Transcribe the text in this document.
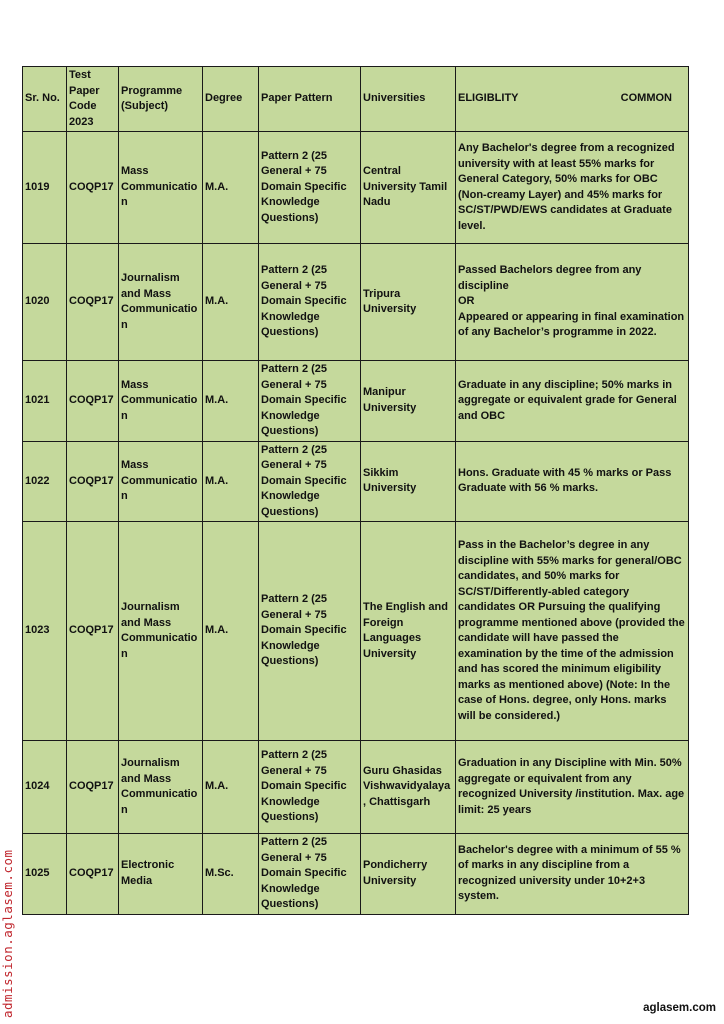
Sr. No.	Test Paper Code 2023	Programme (Subject)	Degree	Paper Pattern	Universities	ELIGIBLITY COMMON

1019	COQP17	Mass Communication	M.A.	Pattern 2 (25 General + 75 Domain Specific Knowledge Questions)	Central University Tamil Nadu	Any Bachelor's degree from a recognized university with at least 55% marks for General Category, 50% marks for OBC (Non-creamy Layer) and 45% marks for SC/ST/PWD/EWS candidates at Graduate level.
1020	COQP17	Journalism and Mass Communication	M.A.	Pattern 2 (25 General + 75 Domain Specific Knowledge Questions)	Tripura University	Passed Bachelors degree from any discipline
OR
Appeared or appearing in final examination of any Bachelor’s programme in 2022.
1021	COQP17	Mass Communication	M.A.	Pattern 2 (25 General + 75 Domain Specific Knowledge Questions)	Manipur University	Graduate in any discipline; 50% marks in aggregate or equivalent grade for General and OBC
1022	COQP17	Mass Communication	M.A.	Pattern 2 (25 General + 75 Domain Specific Knowledge Questions)	Sikkim University	Hons. Graduate with 45 % marks or Pass Graduate with 56 % marks.
1023	COQP17	Journalism and Mass Communication	M.A.	Pattern 2 (25 General + 75 Domain Specific Knowledge Questions)	The English and Foreign Languages University	Pass in the Bachelor’s degree in any discipline with 55% marks for general/OBC candidates, and 50% marks for SC/ST/Differently-abled category candidates OR Pursuing the qualifying programme mentioned above (provided the candidate will have passed the examination by the time of the admission and has scored the minimum eligibility marks as mentioned above) (Note: In the case of Hons. degree, only Hons. marks will be considered.)
1024	COQP17	Journalism and Mass Communication	M.A.	Pattern 2 (25 General + 75 Domain Specific Knowledge Questions)	Guru Ghasidas Vishwavidyalaya, Chattisgarh	Graduation in any Discipline with Min. 50% aggregate or equivalent from any recognized University /institution. Max. age limit: 25 years
1025	COQP17	Electronic Media	M.Sc.	Pattern 2 (25 General + 75 Domain Specific Knowledge Questions)	Pondicherry University	Bachelor's degree with a minimum of 55 % of marks in any discipline from a recognized university under 10+2+3 system.
admission.aglasem.com	aglasem.com
